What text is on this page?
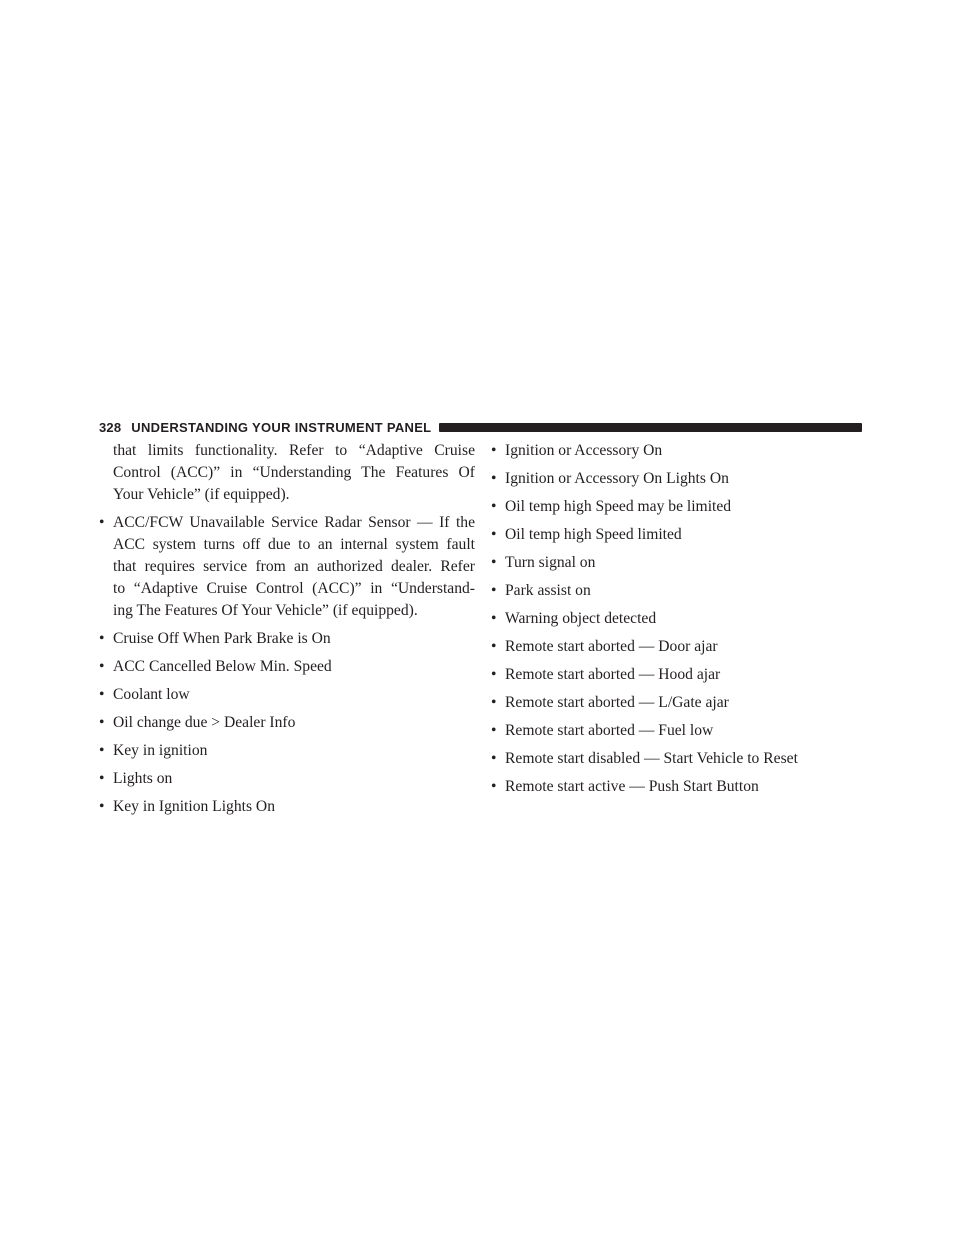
328 UNDERSTANDING YOUR INSTRUMENT PANEL
that limits functionality. Refer to “Adaptive Cruise
Control (ACC)” in “Understanding The Features Of
Your Vehicle” (if equipped).
• ACC/FCW Unavailable Service Radar Sensor — If the
ACC system turns off due to an internal system fault
that requires service from an authorized dealer. Refer
to “Adaptive Cruise Control (ACC)” in “Understand-
ing The Features Of Your Vehicle” (if equipped).
• Cruise Off When Park Brake is On
• ACC Cancelled Below Min. Speed
• Coolant low
• Oil change due > Dealer Info
• Key in ignition
• Lights on
• Key in Ignition Lights On
• Ignition or Accessory On
• Ignition or Accessory On Lights On
• Oil temp high Speed may be limited
• Oil temp high Speed limited
• Turn signal on
• Park assist on
• Warning object detected
• Remote start aborted — Door ajar
• Remote start aborted — Hood ajar
• Remote start aborted — L/Gate ajar
• Remote start aborted — Fuel low
• Remote start disabled — Start Vehicle to Reset
• Remote start active — Push Start Button
